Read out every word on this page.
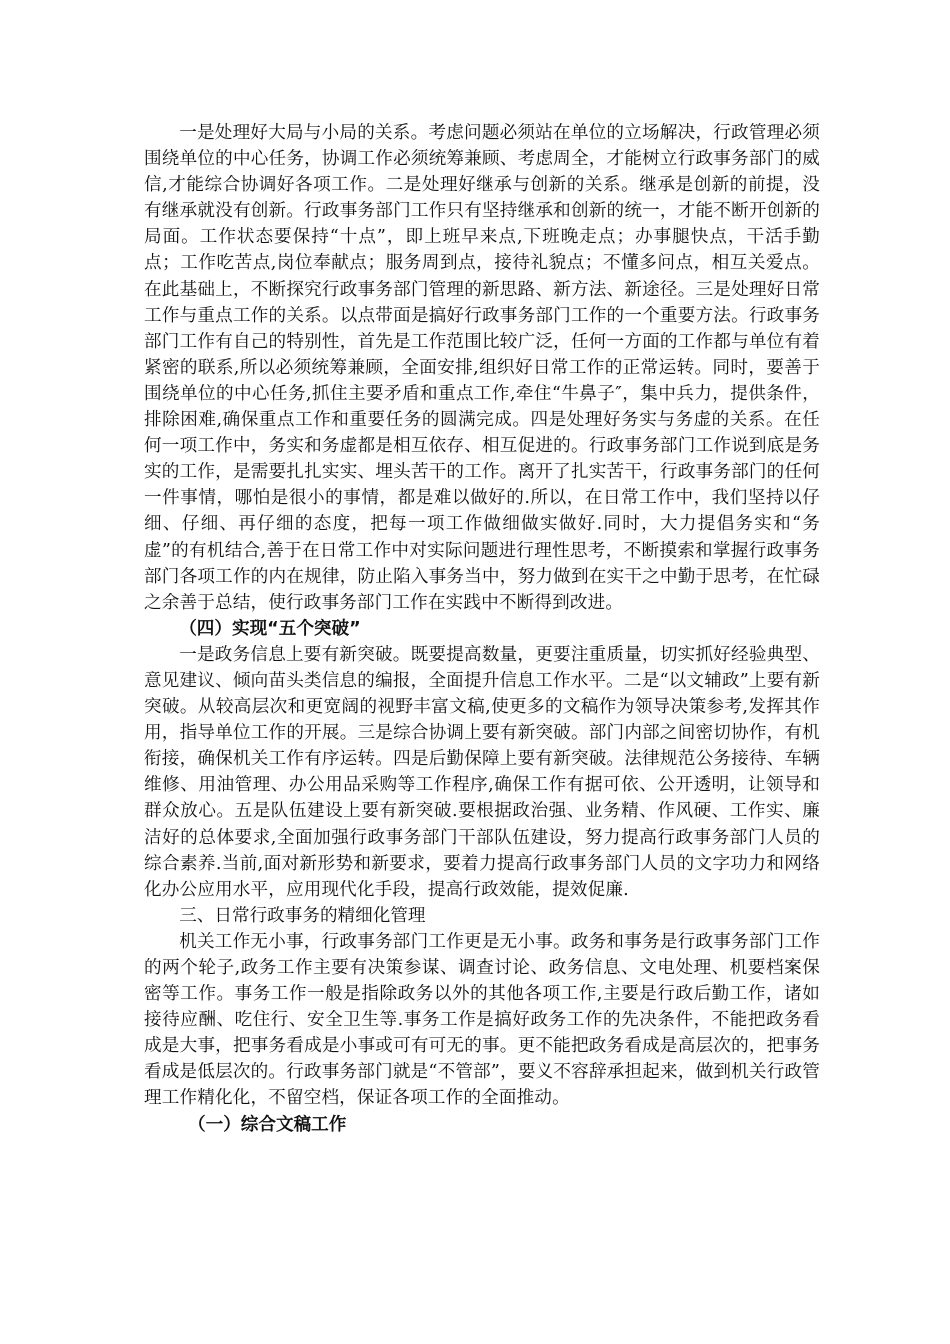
一是处理好大局与小局的关系。考虑问题必须站在单位的立场解决，行政管理必须围绕单位的中心任务，协调工作必须统筹兼顾、考虑周全，才能树立行政事务部门的威信,才能综合协调好各项工作。二是处理好继承与创新的关系。继承是创新的前提，没有继承就没有创新。行政事务部门工作只有坚持继承和创新的统一，才能不断开创新的局面。工作状态要保持“十点”，即上班早来点,下班晚走点；办事腿快点，干活手勤点；工作吃苦点,岗位奉献点；服务周到点，接待礼貌点；不懂多问点，相互关爱点。在此基础上，不断探究行政事务部门管理的新思路、新方法、新途径。三是处理好日常工作与重点工作的关系。以点带面是搞好行政事务部门工作的一个重要方法。行政事务部门工作有自己的特别性，首先是工作范围比较广泛，任何一方面的工作都与单位有着紧密的联系,所以必须统筹兼顾，全面安排,组织好日常工作的正常运转。同时，要善于围绕单位的中心任务,抓住主要矛盾和重点工作,牵住“牛鼻子″，集中兵力，提供条件，排除困难,确保重点工作和重要任务的圆满完成。四是处理好务实与务虚的关系。在任何一项工作中，务实和务虚都是相互依存、相互促进的。行政事务部门工作说到底是务实的工作，是需要扎扎实实、埋头苦干的工作。离开了扎实苦干，行政事务部门的任何一件事情，哪怕是很小的事情，都是难以做好的.所以，在日常工作中，我们坚持以仔细、仔细、再仔细的态度，把每一项工作做细做实做好.同时，大力提倡务实和“务虚”的有机结合,善于在日常工作中对实际问题进行理性思考，不断摸索和掌握行政事务部门各项工作的内在规律，防止陷入事务当中，努力做到在实干之中勤于思考，在忙碌之余善于总结，使行政事务部门工作在实践中不断得到改进。

（四）实现“五个突破”

一是政务信息上要有新突破。既要提高数量，更要注重质量，切实抓好经验典型、意见建议、倾向苗头类信息的编报，全面提升信息工作水平。二是“以文辅政”上要有新突破。从较高层次和更宽阔的视野丰富文稿,使更多的文稿作为领导决策参考,发挥其作用，指导单位工作的开展。三是综合协调上要有新突破。部门内部之间密切协作，有机衔接，确保机关工作有序运转。四是后勤保障上要有新突破。法律规范公务接待、车辆维修、用油管理、办公用品采购等工作程序,确保工作有据可依、公开透明，让领导和群众放心。五是队伍建设上要有新突破.要根据政治强、业务精、作风硬、工作实、廉洁好的总体要求,全面加强行政事务部门干部队伍建设，努力提高行政事务部门人员的综合素养.当前,面对新形势和新要求，要着力提高行政事务部门人员的文字功力和网络化办公应用水平，应用现代化手段，提高行政效能，提效促廉.

三、日常行政事务的精细化管理

机关工作无小事，行政事务部门工作更是无小事。政务和事务是行政事务部门工作的两个轮子,政务工作主要有决策参谋、调查讨论、政务信息、文电处理、机要档案保密等工作。事务工作一般是指除政务以外的其他各项工作,主要是行政后勤工作，诸如接待应酬、吃住行、安全卫生等.事务工作是搞好政务工作的先决条件，不能把政务看成是大事，把事务看成是小事或可有可无的事。更不能把政务看成是高层次的，把事务看成是低层次的。行政事务部门就是“不管部”，要义不容辞承担起来，做到机关行政管理工作精化化，不留空档，保证各项工作的全面推动。

（一）综合文稿工作
